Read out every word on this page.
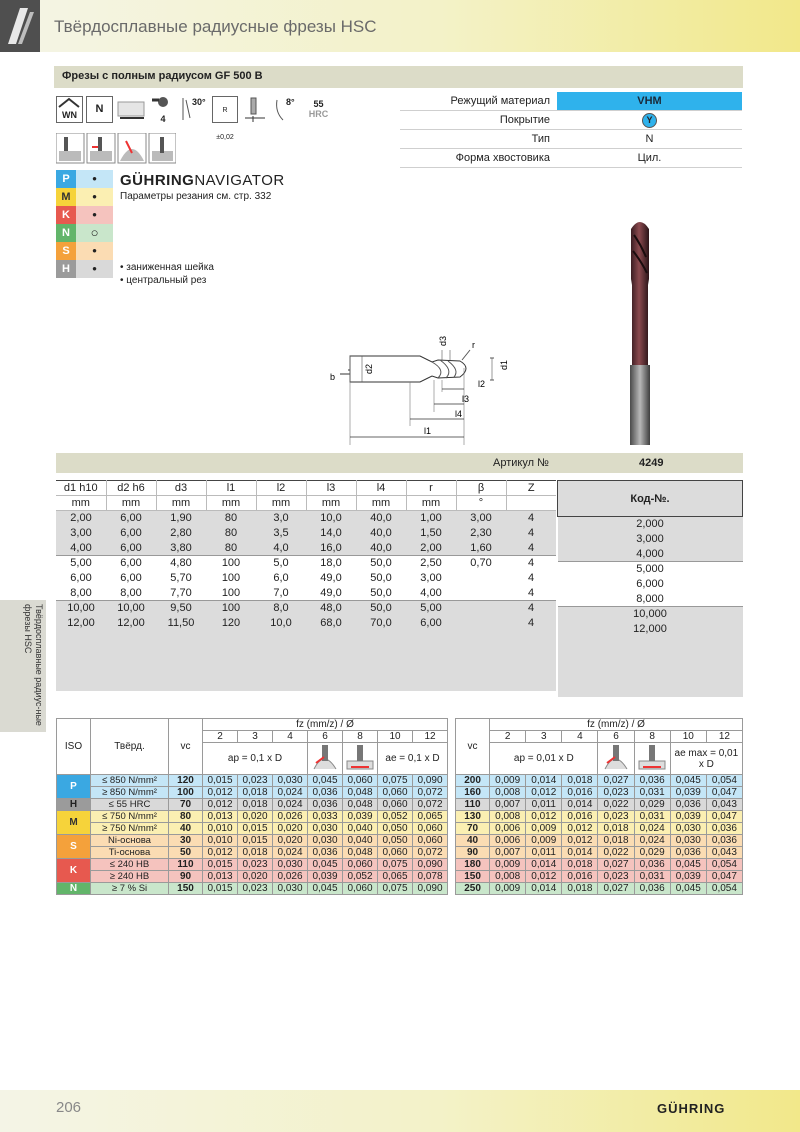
Твёрдосплавные радиусные фрезы HSC
Фрезы с полным радиусом GF 500 B
WN	N
4
30°
R ±0,02
8°	55
HRC
Режущий материал	VHM
Покрытие	Y
Тип	N
Форма хвостовика	Цил.
P	•
M	•
K	•
N	○
S	•
H	•
GÜHRINGNAVIGATOR
Параметры резания см. стр. 332
• заниженная шейка
• центральный рез
d3	r
d2	d1
b
l2
l3
l4
l1
Твёрдосплавные радиус-ные фрезы HSC
Артикул №	4249
d1 h10	d2 h6	d3	l1	l2	l3	l4	r	β	Z
mm	mm	mm	mm	mm	mm	mm	mm	°	
2,00	6,00	1,90	80	3,0	10,0	40,0	1,00	3,00	4
3,00	6,00	2,80	80	3,5	14,0	40,0	1,50	2,30	4
4,00	6,00	3,80	80	4,0	16,0	40,0	2,00	1,60	4
5,00	6,00	4,80	100	5,0	18,0	50,0	2,50	0,70	4
6,00	6,00	5,70	100	6,0	49,0	50,0	3,00		4
8,00	8,00	7,70	100	7,0	49,0	50,0	4,00		4
10,00	10,00	9,50	100	8,0	48,0	50,0	5,00		4
12,00	12,00	11,50	120	10,0	68,0	70,0	6,00		4

Код-№.
2,000
3,000
4,000
5,000
6,000
8,000
10,000
12,000

ISO	Твёрд.	vc	fz (mm/z) / Ø						
			2	3	4	6	8	10	12
			ap = 0,1 x D					ae = 0,1 x D	
P	≤ 850 N/mm²	120	0,015	0,023	0,030	0,045	0,060	0,075	0,090
	≥ 850 N/mm²	100	0,012	0,018	0,024	0,036	0,048	0,060	0,072
H	≤ 55 HRC	70	0,012	0,018	0,024	0,036	0,048	0,060	0,072
M	≤ 750 N/mm²	80	0,013	0,020	0,026	0,033	0,039	0,052	0,065
	≥ 750 N/mm²	40	0,010	0,015	0,020	0,030	0,040	0,050	0,060
S	Ni-основа	30	0,010	0,015	0,020	0,030	0,040	0,050	0,060
	Ti-основа	50	0,012	0,018	0,024	0,036	0,048	0,060	0,072
K	≤ 240 HB	110	0,015	0,023	0,030	0,045	0,060	0,075	0,090
	≥ 240 HB	90	0,013	0,020	0,026	0,039	0,052	0,065	0,078
N	≥ 7 % Si	150	0,015	0,023	0,030	0,045	0,060	0,075	0,090
vc	fz (mm/z) / Ø						
	2	3	4	6	8	10	12
	ap = 0,01 x D					ae max = 0,01 x D	
200	0,009	0,014	0,018	0,027	0,036	0,045	0,054
160	0,008	0,012	0,016	0,023	0,031	0,039	0,047
110	0,007	0,011	0,014	0,022	0,029	0,036	0,043
130	0,008	0,012	0,016	0,023	0,031	0,039	0,047
70	0,006	0,009	0,012	0,018	0,024	0,030	0,036
40	0,006	0,009	0,012	0,018	0,024	0,030	0,036
90	0,007	0,011	0,014	0,022	0,029	0,036	0,043
180	0,009	0,014	0,018	0,027	0,036	0,045	0,054
150	0,008	0,012	0,016	0,023	0,031	0,039	0,047
250	0,009	0,014	0,018	0,027	0,036	0,045	0,054
206	GÜHRING
